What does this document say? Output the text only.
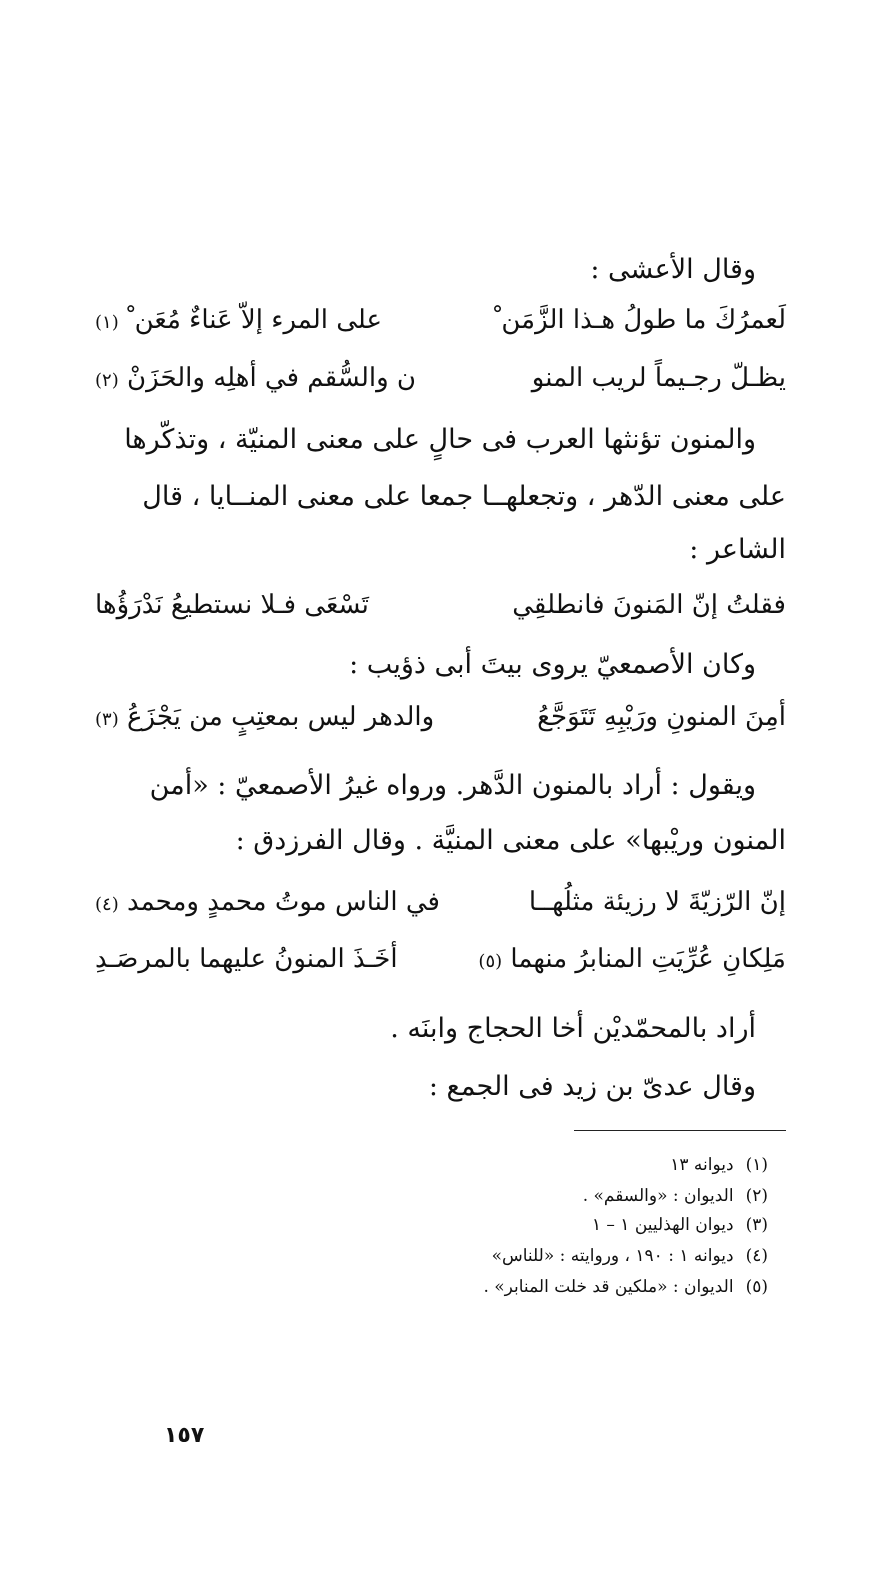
وقال الأعشى :
لَعمرُكَ ما طولُ هـذا الزَّمَن ْ
على المرء إلاّ عَناءٌ مُعَن ْ (١)
يظـلّ رجـيماً لريب المنو
ن والسُّقم في أهلِه والحَزَنْ (٢)
والمنون تؤنثها العرب فى حالٍ على معنى المنيّة ، وتذكّرها
على معنى الدّهر ، وتجعلهــا جمعا على معنى المنــايا ، قال
الشاعر :
فقلتُ إنّ المَنونَ فانطلقِي
تَسْعَى فـلا نستطيعُ نَدْرَؤُها
وكان الأصمعيّ يروى بيتَ أبى ذؤيب :
أمِنَ المنونِ ورَيْبِهِ تَتَوَجَّعُ
والدهر ليس بمعتِبٍ من يَجْزَعُ (٣)
ويقول : أراد بالمنون الدَّهر. ورواه غيرُ الأصمعيّ : «أمن
المنون وريْبها» على معنى المنيَّة . وقال الفرزدق :
إنّ الرّزيّةَ لا رزيئة مثلُهــا
في الناس موتُ محمدٍ ومحمد (٤)
مَلِكانِ عُرِّيَتِ المنابرُ منهما (٥)
أخَـذَ المنونُ عليهما بالمرصَـدِ
أراد بالمحمّديْن أخا الحجاج وابنَه .
وقال عدىّ بن زيد فى الجمع :
(١)ديوانه ١٣
(٢)الديوان : «والسقم» .
(٣)ديوان الهذليين ١ – ١
(٤)ديوانه ١ : ١٩٠ ، وروايته : «للناس»
(٥)الديوان : «ملكين قد خلت المنابر» .
١٥٧
